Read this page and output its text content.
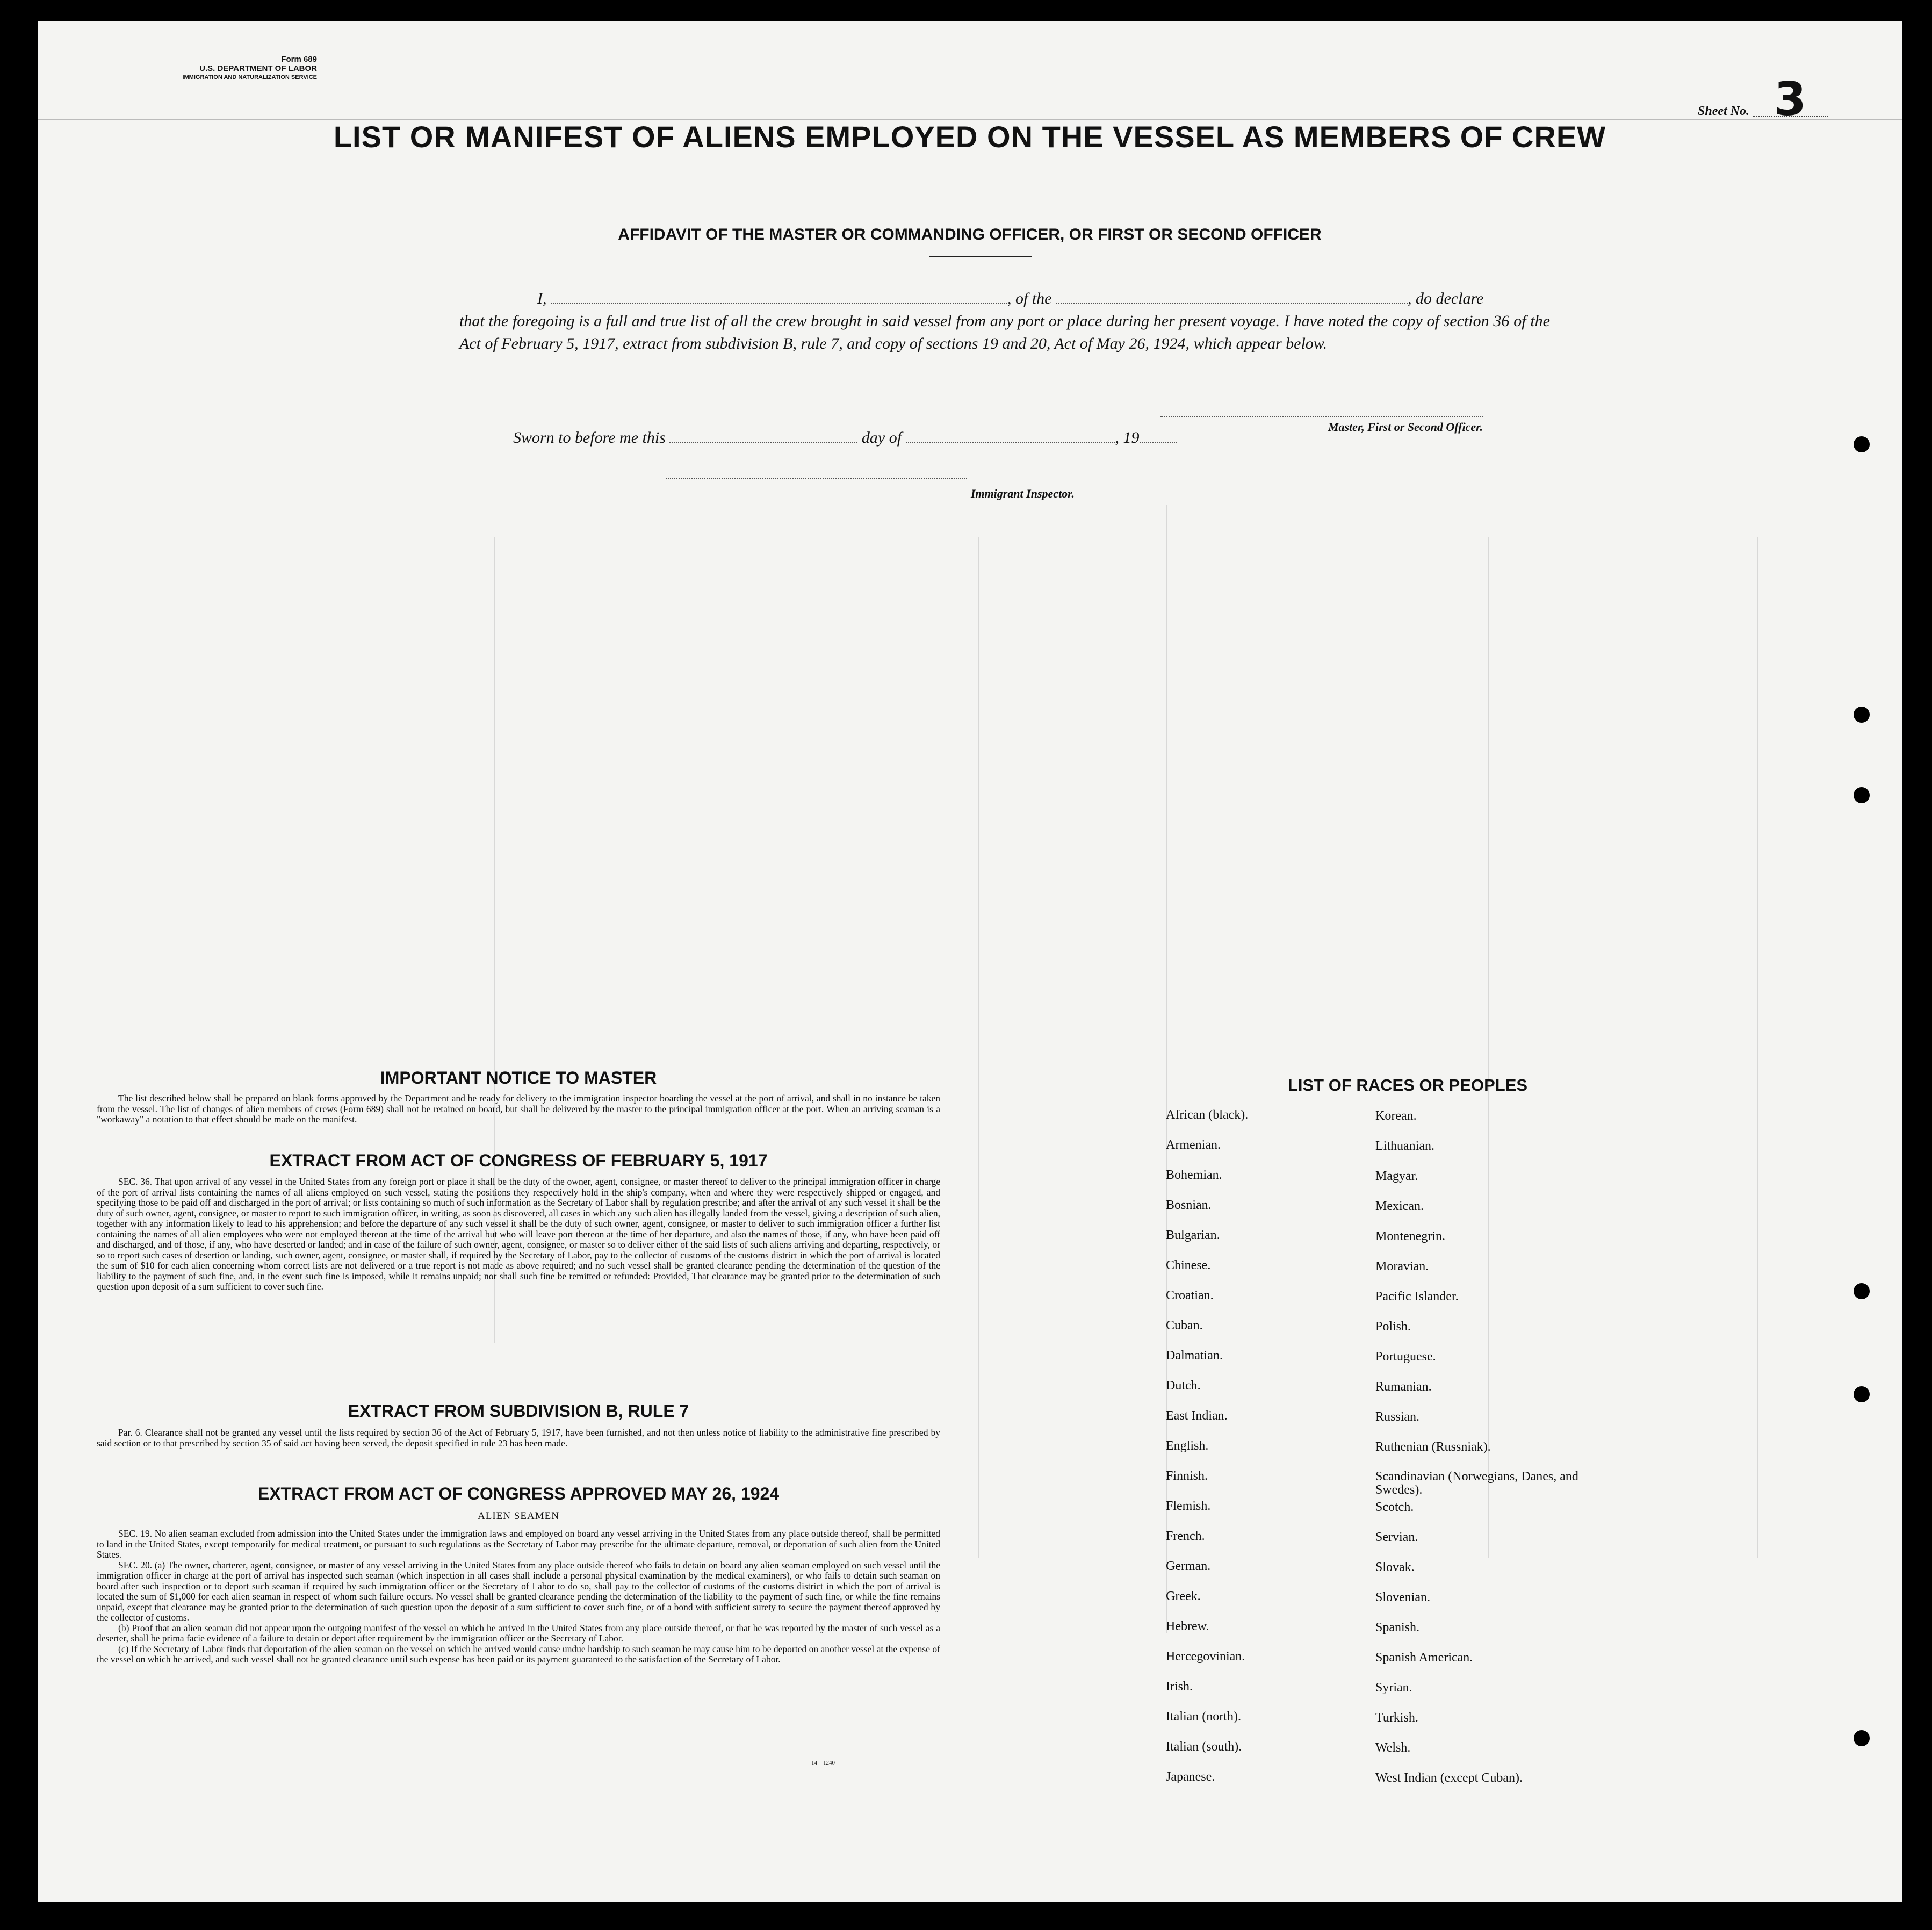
Form 689
U.S. DEPARTMENT OF LABOR
IMMIGRATION AND NATURALIZATION SERVICE
Sheet No. 3
LIST OR MANIFEST OF ALIENS EMPLOYED ON THE VESSEL AS MEMBERS OF CREW
AFFIDAVIT OF THE MASTER OR COMMANDING OFFICER, OR FIRST OR SECOND OFFICER
I,	, of the	, do declare
that the foregoing is a full and true list of all the crew brought in said vessel from any port or place during her present voyage. I have noted the copy of section 36 of the Act of February 5, 1917, extract from subdivision B, rule 7, and copy of sections 19 and 20, Act of May 26, 1924, which appear below.
Master, First or Second Officer.
Sworn to before me this	day of	, 19
Immigrant Inspector.
IMPORTANT NOTICE TO MASTER

The list described below shall be prepared on blank forms approved by the Department and be ready for delivery to the immigration inspector boarding the vessel at the port of arrival, and shall in no instance be taken from the vessel. The list of changes of alien members of crews (Form 689) shall not be retained on board, but shall be delivered by the master to the principal immigration officer at the port. When an arriving seaman is a "workaway" a notation to that effect should be made on the manifest.

EXTRACT FROM ACT OF CONGRESS OF FEBRUARY 5, 1917

SEC. 36. That upon arrival of any vessel in the United States from any foreign port or place it shall be the duty of the owner, agent, consignee, or master thereof to deliver to the principal immigration officer in charge of the port of arrival lists containing the names of all aliens employed on such vessel, stating the positions they respectively hold in the ship's company, when and where they were respectively shipped or engaged, and specifying those to be paid off and discharged in the port of arrival; or lists containing so much of such information as the Secretary of Labor shall by regulation prescribe; and after the arrival of any such vessel it shall be the duty of such owner, agent, consignee, or master to report to such immigration officer, in writing, as soon as discovered, all cases in which any such alien has illegally landed from the vessel, giving a description of such alien, together with any information likely to lead to his apprehension; and before the departure of any such vessel it shall be the duty of such owner, agent, consignee, or master to deliver to such immigration officer a further list containing the names of all alien employees who were not employed thereon at the time of the arrival but who will leave port thereon at the time of her departure, and also the names of those, if any, who have been paid off and discharged, and of those, if any, who have deserted or landed; and in case of the failure of such owner, agent, consignee, or master so to deliver either of the said lists of such aliens arriving and departing, respectively, or so to report such cases of desertion or landing, such owner, agent, consignee, or master shall, if required by the Secretary of Labor, pay to the collector of customs of the customs district in which the port of arrival is located the sum of $10 for each alien concerning whom correct lists are not delivered or a true report is not made as above required; and no such vessel shall be granted clearance pending the determination of the question of the liability to the payment of such fine, and, in the event such fine is imposed, while it remains unpaid; nor shall such fine be remitted or refunded: Provided, That clearance may be granted prior to the determination of such question upon deposit of a sum sufficient to cover such fine.

EXTRACT FROM SUBDIVISION B, RULE 7

Par. 6. Clearance shall not be granted any vessel until the lists required by section 36 of the Act of February 5, 1917, have been furnished, and not then unless notice of liability to the administrative fine prescribed by said section or to that prescribed by section 35 of said act having been served, the deposit specified in rule 23 has been made.

EXTRACT FROM ACT OF CONGRESS APPROVED MAY 26, 1924
ALIEN SEAMEN

SEC. 19. No alien seaman excluded from admission into the United States under the immigration laws and employed on board any vessel arriving in the United States from any place outside thereof, shall be permitted to land in the United States, except temporarily for medical treatment, or pursuant to such regulations as the Secretary of Labor may prescribe for the ultimate departure, removal, or deportation of such alien from the United States.

SEC. 20. (a) The owner, charterer, agent, consignee, or master of any vessel arriving in the United States from any place outside thereof who fails to detain on board any alien seaman employed on such vessel until the immigration officer in charge at the port of arrival has inspected such seaman (which inspection in all cases shall include a personal physical examination by the medical examiners), or who fails to detain such seaman on board after such inspection or to deport such seaman if required by such immigration officer or the Secretary of Labor to do so, shall pay to the collector of customs of the customs district in which the port of arrival is located the sum of $1,000 for each alien seaman in respect of whom such failure occurs. No vessel shall be granted clearance pending the determination of the liability to the payment of such fine, or while the fine remains unpaid, except that clearance may be granted prior to the determination of such question upon the deposit of a sum sufficient to cover such fine, or of a bond with sufficient surety to secure the payment thereof approved by the collector of customs.

(b) Proof that an alien seaman did not appear upon the outgoing manifest of the vessel on which he arrived in the United States from any place outside thereof, or that he was reported by the master of such vessel as a deserter, shall be prima facie evidence of a failure to detain or deport after requirement by the immigration officer or the Secretary of Labor.

(c) If the Secretary of Labor finds that deportation of the alien seaman on the vessel on which he arrived would cause undue hardship to such seaman he may cause him to be deported on another vessel at the expense of the vessel on which he arrived, and such vessel shall not be granted clearance until such expense has been paid or its payment guaranteed to the satisfaction of the Secretary of Labor.

14—1240
LIST OF RACES OR PEOPLES
African (black).
Armenian.
Bohemian.
Bosnian.
Bulgarian.
Chinese.
Croatian.
Cuban.
Dalmatian.
Dutch.
East Indian.
English.
Finnish.
Flemish.
French.
German.
Greek.
Hebrew.
Hercegovinian.
Irish.
Italian (north).
Italian (south).
Japanese.
Korean.
Lithuanian.
Magyar.
Mexican.
Montenegrin.
Moravian.
Pacific Islander.
Polish.
Portuguese.
Rumanian.
Russian.
Ruthenian (Russniak).
Scandinavian (Norwegians, Danes, and Swedes).
Scotch.
Servian.
Slovak.
Slovenian.
Spanish.
Spanish American.
Syrian.
Turkish.
Welsh.
West Indian (except Cuban).
